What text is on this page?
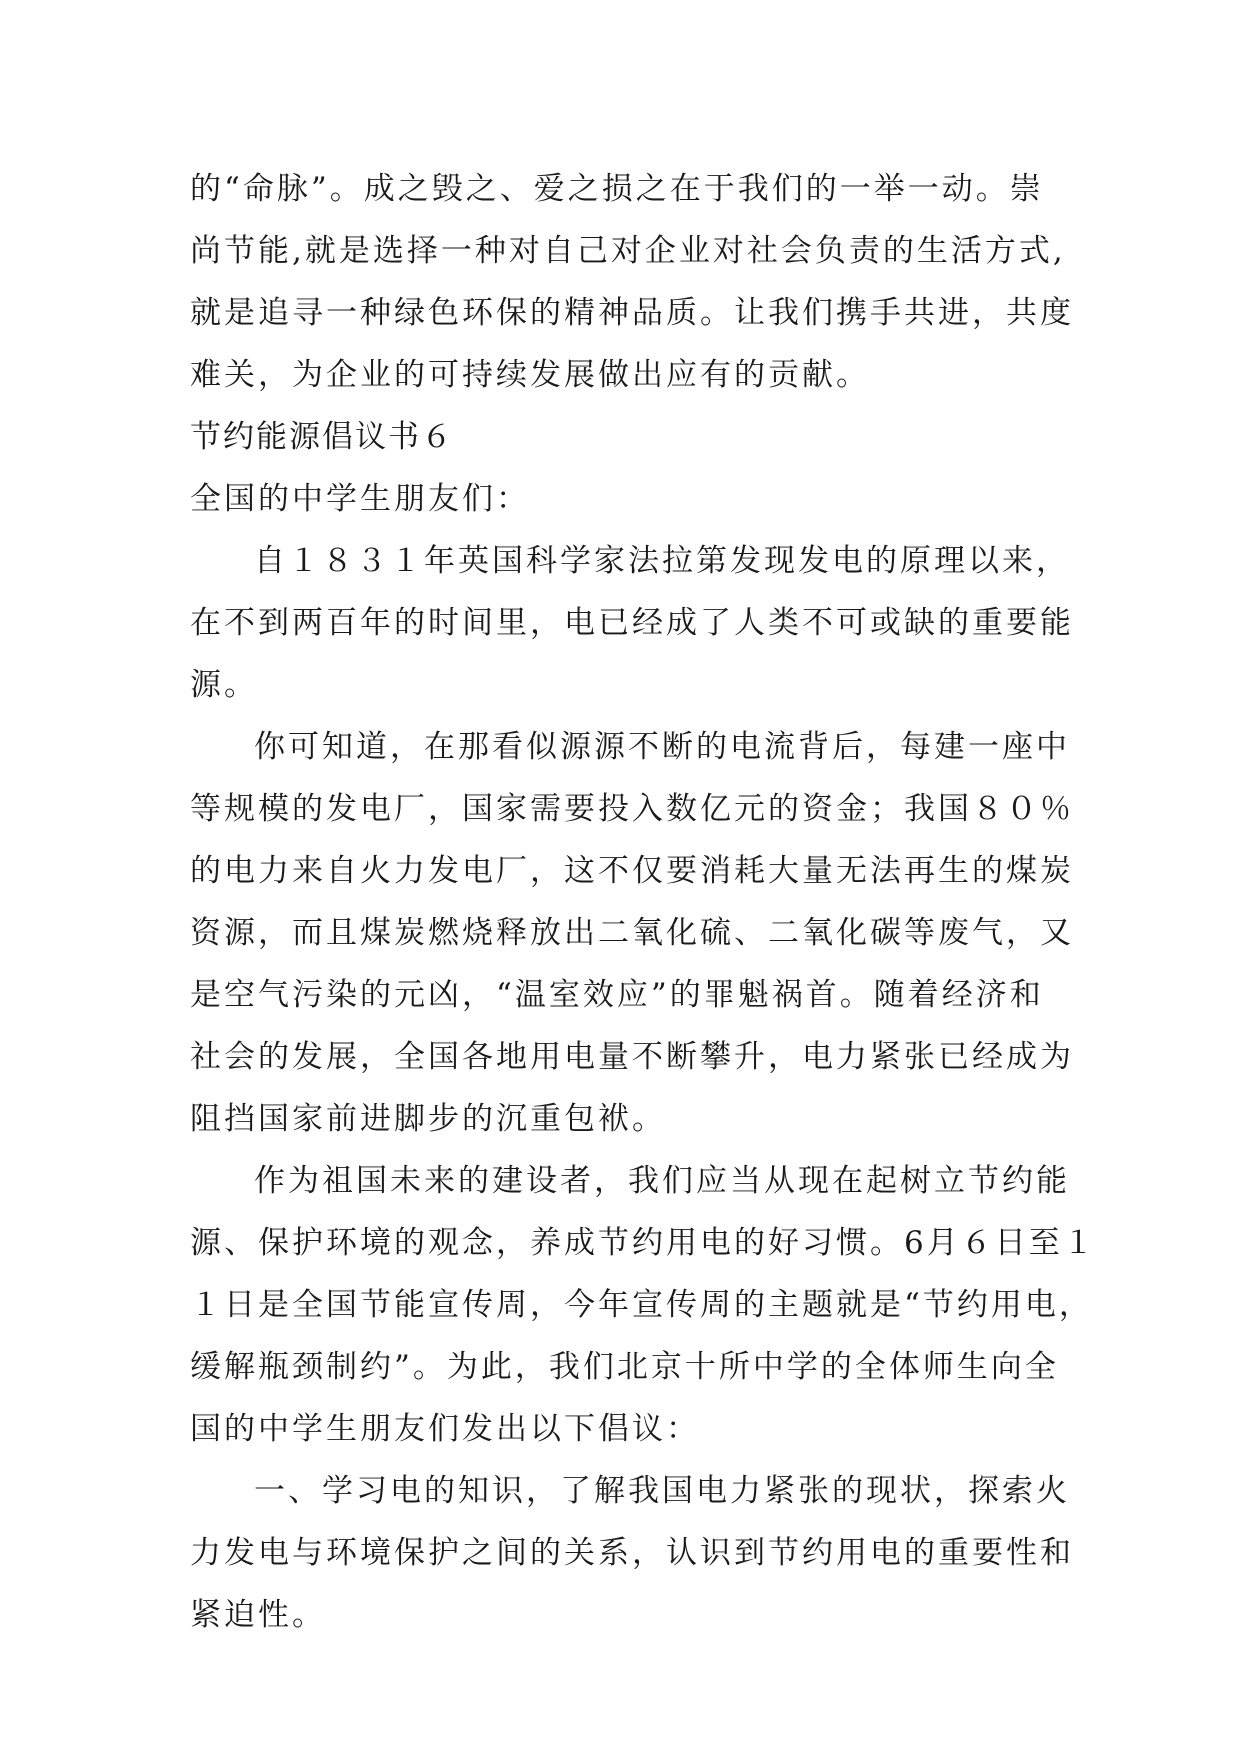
的“命脉”。成之毁之、爱之损之在于我们的一举一动。崇
尚节能,就是选择一种对自己对企业对社会负责的生活方式,
就是追寻一种绿色环保的精神品质。让我们携手共进，共度
难关，为企业的可持续发展做出应有的贡献。
节约能源倡议书６
全国的中学生朋友们：
自１８３１年英国科学家法拉第发现发电的原理以来，
在不到两百年的时间里，电已经成了人类不可或缺的重要能
源。
你可知道，在那看似源源不断的电流背后，每建一座中
等规模的发电厂，国家需要投入数亿元的资金；我国８０％
的电力来自火力发电厂，这不仅要消耗大量无法再生的煤炭
资源，而且煤炭燃烧释放出二氧化硫、二氧化碳等废气，又
是空气污染的元凶，“温室效应”的罪魁祸首。随着经济和
社会的发展，全国各地用电量不断攀升，电力紧张已经成为
阻挡国家前进脚步的沉重包袱。
作为祖国未来的建设者，我们应当从现在起树立节约能
源、保护环境的观念，养成节约用电的好习惯。6月６日至１
１日是全国节能宣传周，今年宣传周的主题就是“节约用电，
缓解瓶颈制约”。为此，我们北京十所中学的全体师生向全
国的中学生朋友们发出以下倡议：
一、学习电的知识，了解我国电力紧张的现状，探索火
力发电与环境保护之间的关系，认识到节约用电的重要性和
紧迫性。
